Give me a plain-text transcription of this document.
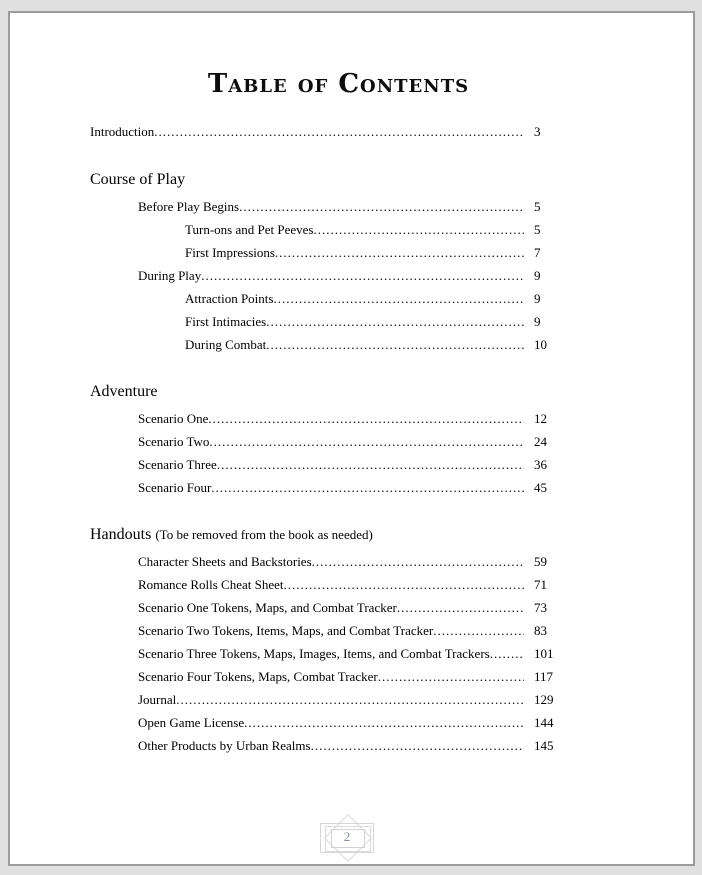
Table of Contents
Introduction .....	3
Course of Play
Before Play Begins .....	5
Turn-ons and Pet Peeves .....	5
First Impressions .....	7
During Play .....	9
Attraction Points .....	9
First Intimacies .....	9
During Combat .....	10
Adventure
Scenario One .....	12
Scenario Two .....	24
Scenario Three .....	36
Scenario Four .....	45
Handouts (To be removed from the book as needed)
Character Sheets and Backstories .....	59
Romance Rolls Cheat Sheet .....	71
Scenario One Tokens, Maps, and Combat Tracker .....	73
Scenario Two Tokens, Items, Maps, and Combat Tracker .....	83
Scenario Three Tokens, Maps, Images, Items, and Combat Trackers .....	101
Scenario Four Tokens, Maps, Combat Tracker .....	117
Journal .....	129
Open Game License .....	144
Other Products by Urban Realms .....	145
2
